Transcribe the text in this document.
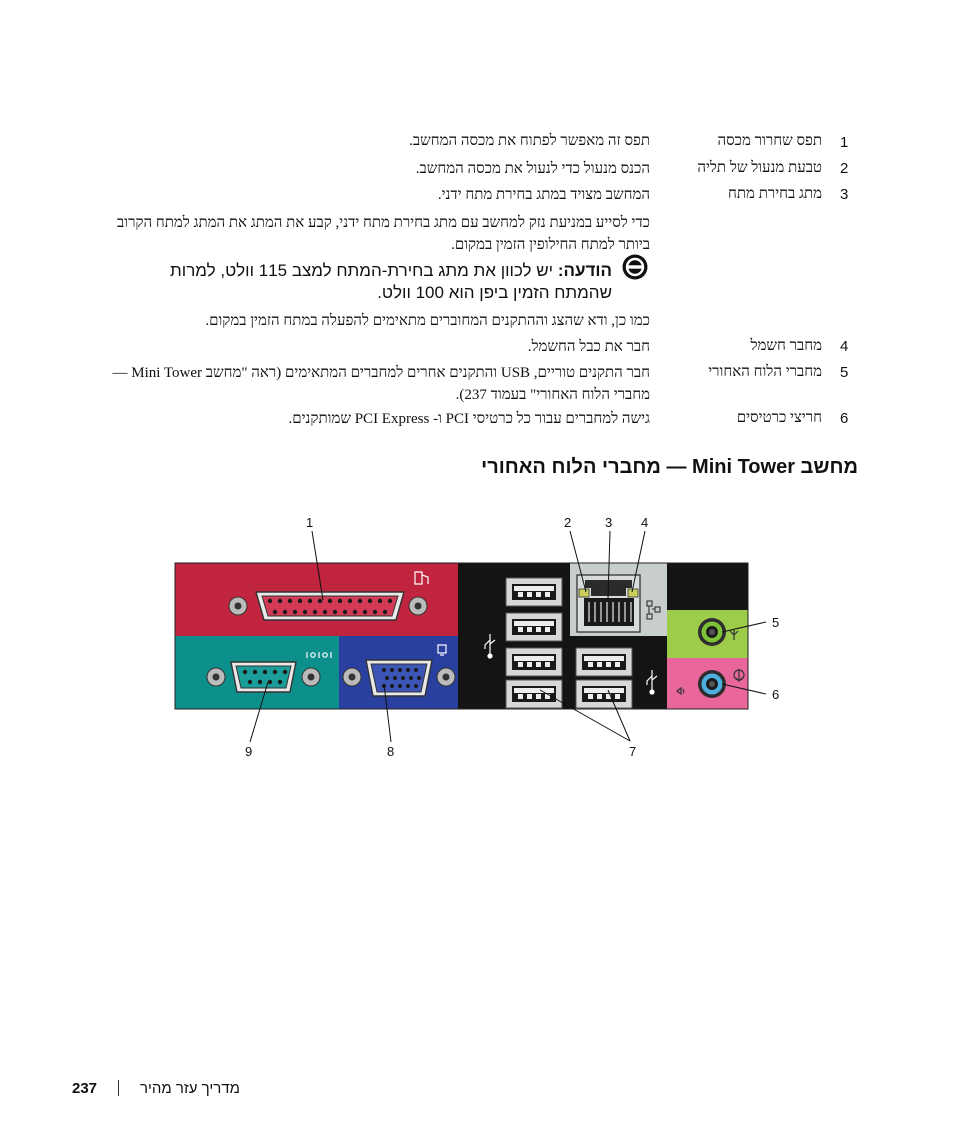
1
תפס שחרור מכסה
תפס זה מאפשר לפתוח את מכסה המחשב.
2
טבעת מנעול של תליה
הכנס מנעול כדי לנעול את מכסה המחשב.
3
מתג בחירת מתח
המחשב מצויד במתג בחירת מתח ידני.
כדי לסייע במניעת נזק למחשב עם מתג בחירת מתח ידני, קבע את המתג את המתג למתח הקרוב ביותר למתח החילופין הזמין במקום.
הודעה: יש לכוון את מתג בחירת-המתח למצב 115 וולט, למרות שהמתח הזמין ביפן הוא 100 וולט.
כמו כן, ודא שהצג וההתקנים המחוברים מתאימים להפעלה במתח הזמין במקום.
4
מחבר חשמל
חבר את כבל החשמל.
5
מחברי הלוח האחורי
חבר התקנים טוריים, USB והתקנים אחרים למחברים המתאימים (ראה "מחשב Mini Tower — מחברי הלוח האחורי" בעמוד 237).
6
חריצי כרטיסים
גישה למחברים עבור כל כרטיסי PCI ו- PCI Express שמותקנים.
מחשב Mini Tower — מחברי הלוח האחורי
1	2	3 4
5
6
7
8
9
237	מדריך עזר מהיר
